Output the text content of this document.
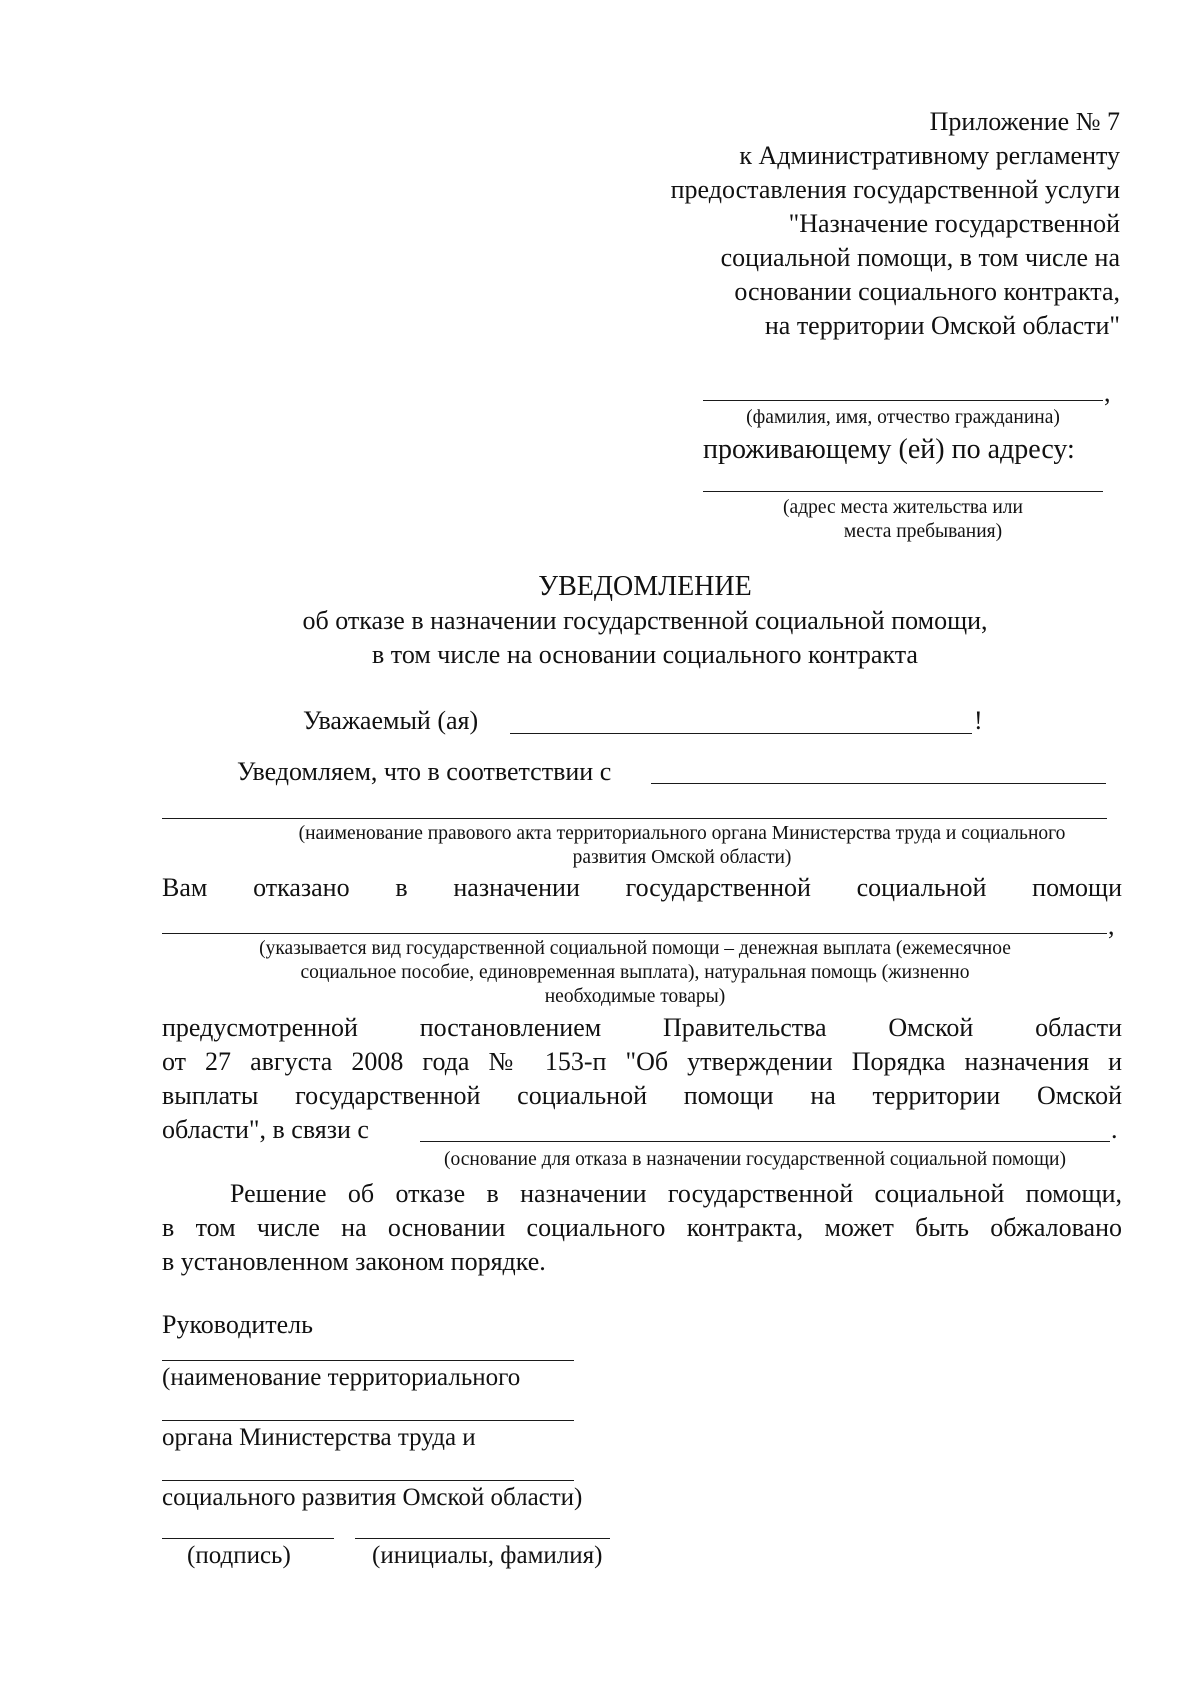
Приложение № 7
к Административному регламенту
предоставления государственной услуги
"Назначение государственной
социальной помощи, в том числе на
основании социального контракта,
на территории Омской области"
,
(фамилия, имя, отчество гражданина)
проживающему (ей) по адресу:
(адрес места жительства или
места пребывания)
УВЕДОМЛЕНИЕ
об отказе в назначении государственной социальной помощи,
в том числе на основании социального контракта
Уважаемый (ая)	!
Уведомляем, что в соответствии с
(наименование правового акта территориального органа Министерства труда и социального
развития Омской области)
Вам отказано в назначении государственной социальной помощи
,
(указывается вид государственной социальной помощи – денежная выплата (ежемесячное
социальное пособие, единовременная выплата), натуральная помощь (жизненно
необходимые товары)
предусмотренной постановлением Правительства Омской области
от 27 августа 2008 года № 153-п "Об утверждении Порядка назначения и
выплаты государственной социальной помощи на территории Омской
области", в связи с	.
(основание для отказа в назначении государственной социальной помощи)
Решение об отказе в назначении государственной социальной помощи,
в том числе на основании социального контракта, может быть обжаловано
в установленном законом порядке.
Руководитель
(наименование территориального
органа Министерства труда и
социального развития Омской области)
(подпись)	(инициалы, фамилия)
